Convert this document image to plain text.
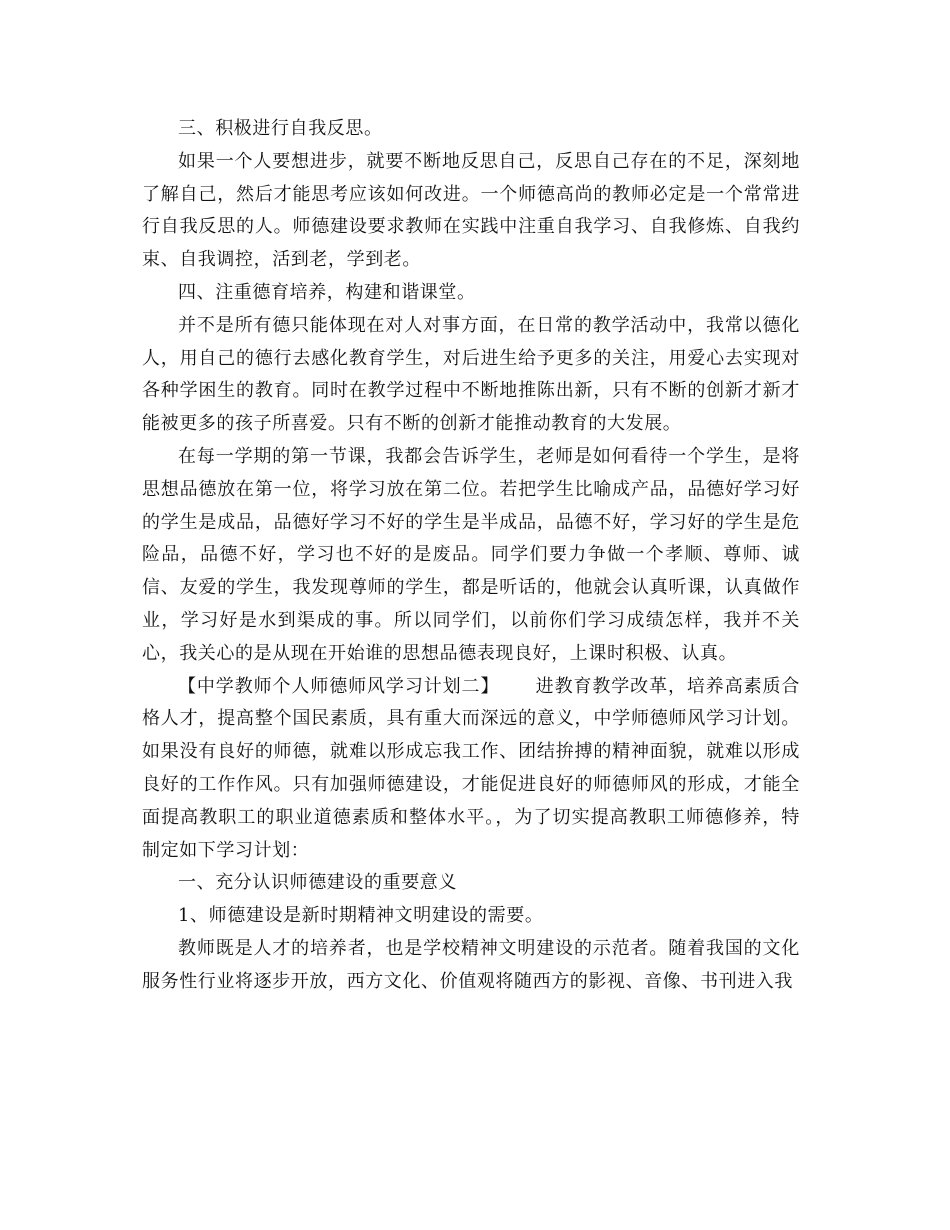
三、积极进行自我反思。

如果一个人要想进步，就要不断地反思自己，反思自己存在的不足，深刻地了解自己，然后才能思考应该如何改进。一个师德高尚的教师必定是一个常常进行自我反思的人。师德建设要求教师在实践中注重自我学习、自我修炼、自我约束、自我调控，活到老，学到老。

四、注重德育培养，构建和谐课堂。

并不是所有德只能体现在对人对事方面，在日常的教学活动中，我常以德化人，用自己的德行去感化教育学生，对后进生给予更多的关注，用爱心去实现对各种学困生的教育。同时在教学过程中不断地推陈出新，只有不断的创新才新才能被更多的孩子所喜爱。只有不断的创新才能推动教育的大发展。

在每一学期的第一节课，我都会告诉学生，老师是如何看待一个学生，是将思想品德放在第一位，将学习放在第二位。若把学生比喻成产品，品德好学习好的学生是成品，品德好学习不好的学生是半成品，品德不好，学习好的学生是危险品，品德不好，学习也不好的是废品。同学们要力争做一个孝顺、尊师、诚信、友爱的学生，我发现尊师的学生，都是听话的，他就会认真听课，认真做作业，学习好是水到渠成的事。所以同学们，以前你们学习成绩怎样，我并不关心，我关心的是从现在开始谁的思想品德表现良好，上课时积极、认真。

【中学教师个人师德师风学习计划二】 进教育教学改革，培养高素质合格人才，提高整个国民素质，具有重大而深远的意义，中学师德师风学习计划。如果没有良好的师德，就难以形成忘我工作、团结拚搏的精神面貌，就难以形成良好的工作作风。只有加强师德建设，才能促进良好的师德师风的形成，才能全面提高教职工的职业道德素质和整体水平。，为了切实提高教职工师德修养，特制定如下学习计划：

一、充分认识师德建设的重要意义

1、师德建设是新时期精神文明建设的需要。

教师既是人才的培养者，也是学校精神文明建设的示范者。随着我国的文化服务性行业将逐步开放，西方文化、价值观将随西方的影视、音像、书刊进入我
